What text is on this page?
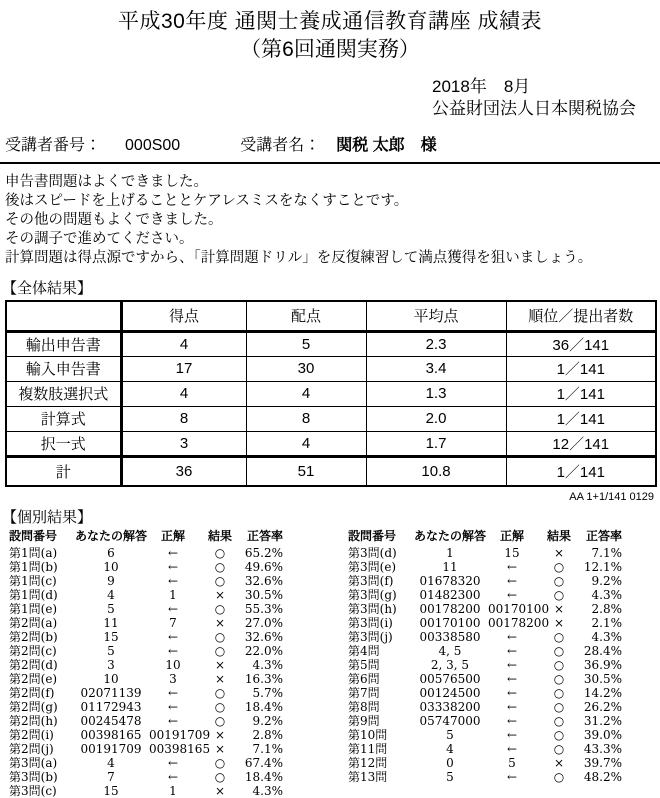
平成30年度 通関士養成通信教育講座 成績表
（第6回通関実務）
2018年　8月
公益財団法人日本関税協会
受講者番号： 000S00	受講者名： 関税 太郎　様
申告書問題はよくできました。
後はスピードを上げることとケアレスミスをなくすことです。
その他の問題もよくできました。
その調子で進めてください。
計算問題は得点源ですから、「計算問題ドリル」を反復練習して満点獲得を狙いましょう。
【全体結果】
	得点	配点	平均点	順位／提出者数
輸出申告書	4	5	2.3	36／141
輸入申告書	17	30	3.4	1／141
複数肢選択式	4	4	1.3	1／141
計算式	8	8	2.0	1／141
択一式	3	4	1.7	12／141
計	36	51	10.8	1／141
AA 1+1/141 0129
【個別結果】
設問番号	あなたの解答	正解	結果	正答率
第1問(a)	6	←	○	65.2%
第1問(b)	10	←	○	49.6%
第1問(c)	9	←	○	32.6%
第1問(d)	4	1	×	30.5%
第1問(e)	5	←	○	55.3%
第2問(a)	11	7	×	27.0%
第2問(b)	15	←	○	32.6%
第2問(c)	5	←	○	22.0%
第2問(d)	3	10	×	4.3%
第2問(e)	10	3	×	16.3%
第2問(f)	02071139	←	○	5.7%
第2問(g)	01172943	←	○	18.4%
第2問(h)	00245478	←	○	9.2%
第2問(i)	00398165 00191709 ×	2.8%
第2問(j)	00191709 00398165 ×	7.1%
第3問(a)	4	←	○	67.4%
第3問(b)	7	←	○	18.4%
第3問(c)	15	1	×	4.3%
設問番号	あなたの解答	正解	結果	正答率
第3問(d)	1	15	×	7.1%
第3問(e)	11	←	○	12.1%
第3問(f)	01678320	←	○	9.2%
第3問(g)	01482300	←	○	4.3%
第3問(h)	00178200 00170100 ×	2.8%
第3問(i)	00170100 00178200 ×	2.1%
第3問(j)	00338580	←	○	4.3%
第4問	4, 5	←	○	28.4%
第5問	2, 3, 5	←	○	36.9%
第6問	00576500	←	○	30.5%
第7問	00124500	←	○	14.2%
第8問	03338200	←	○	26.2%
第9問	05747000	←	○	31.2%
第10問	5	←	○	39.0%
第11問	4	←	○	43.3%
第12問	0	5	×	39.7%
第13問	5	←	○	48.2%
